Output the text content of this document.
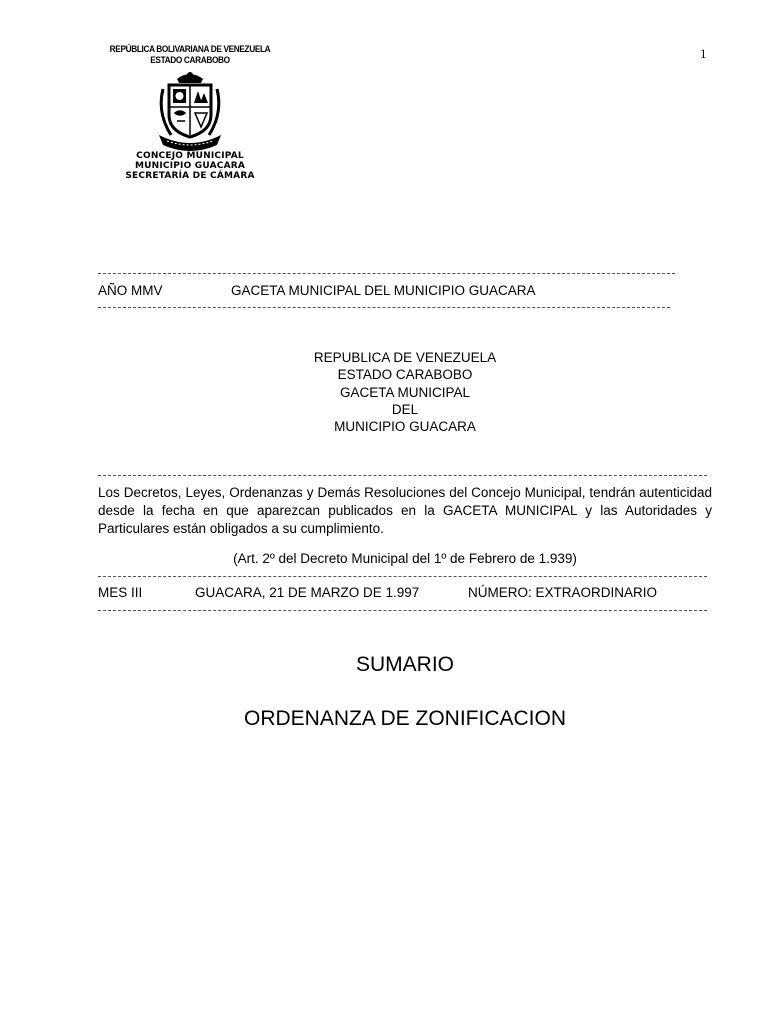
1
REPÚBLICA BOLIVARIANA DE VENEZUELA
ESTADO CARABOBO
CONCEJO MUNICIPAL
MUNICIPIO GUACARA
SECRETARÍA DE CÁMARA
AÑO MMV	GACETA MUNICIPAL DEL MUNICIPIO GUACARA
REPUBLICA DE VENEZUELA
ESTADO CARABOBO
GACETA MUNICIPAL
DEL
MUNICIPIO GUACARA
Los Decretos, Leyes, Ordenanzas y Demás Resoluciones del Concejo Municipal, tendrán autenticidad desde la fecha en que aparezcan publicados en la GACETA MUNICIPAL y las Autoridades y Particulares están obligados a su cumplimiento.
(Art. 2º del Decreto Municipal del 1º de Febrero de 1.939)
MES III	GUACARA, 21 DE MARZO DE 1.997	NÚMERO: EXTRAORDINARIO
SUMARIO
ORDENANZA DE ZONIFICACION
